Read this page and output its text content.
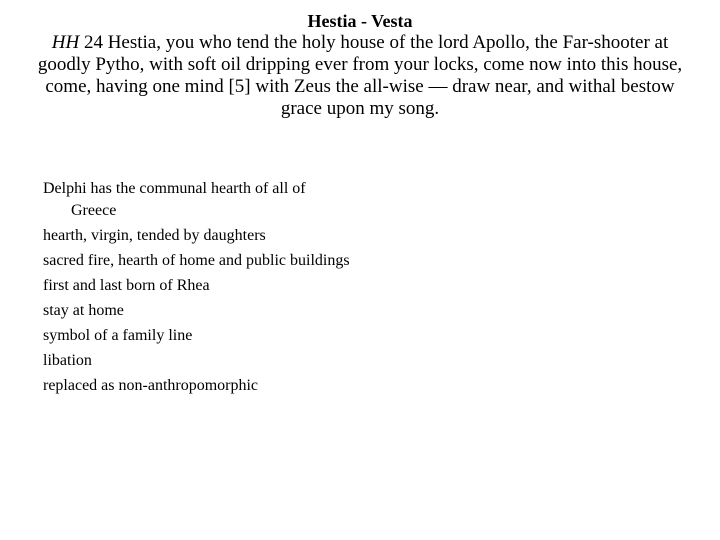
Hestia - Vesta
HH 24 Hestia, you who tend the holy house of the lord Apollo, the Far-shooter at goodly Pytho, with soft oil dripping ever from your locks, come now into this house, come, having one mind [5] with Zeus the all-wise — draw near, and withal bestow grace upon my song.
Delphi has the communal hearth of all of Greece
hearth, virgin, tended by daughters
sacred fire, hearth of home and public buildings
first and last born of Rhea
stay at home
symbol of a family line
libation
replaced as non-anthropomorphic
